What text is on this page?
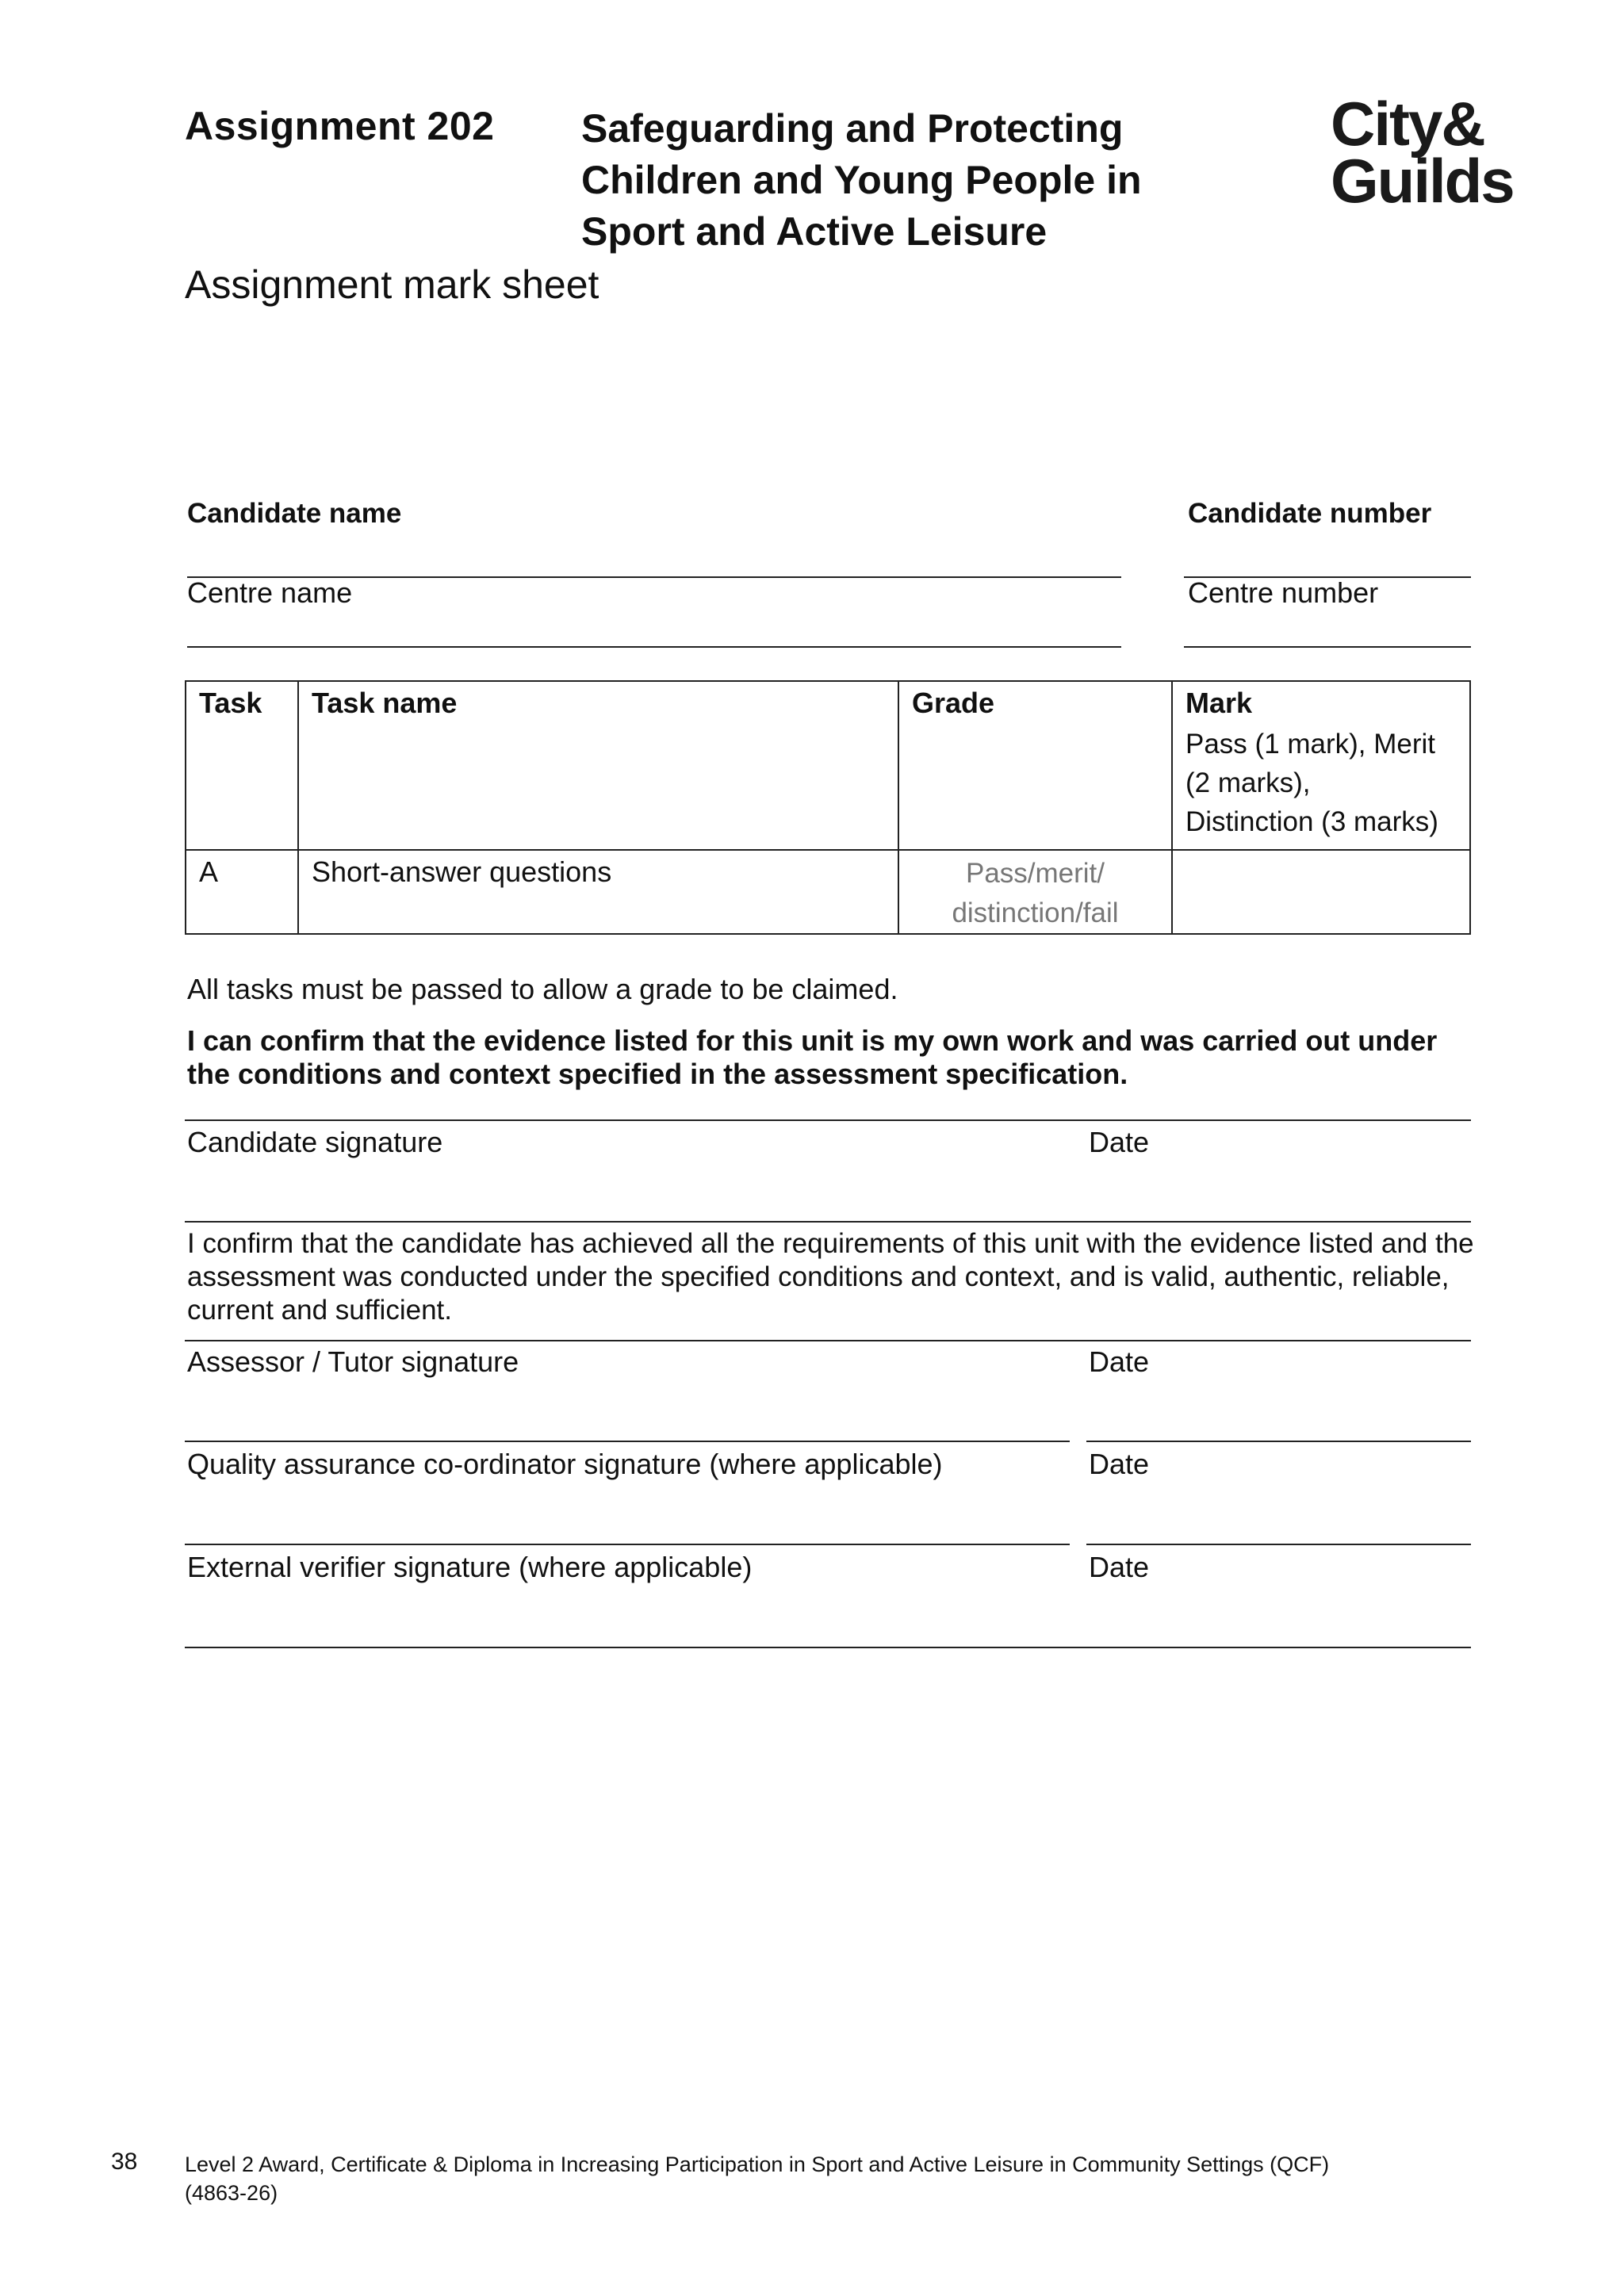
Assignment 202 Safeguarding and Protecting
Children and Young People in
Sport and Active Leisure
Assignment mark sheet
City&
Guilds
Candidate name	Candidate number
Centre name	Centre number
Task	Task name	Grade	Mark
Pass (1 mark), Merit
(2 marks),
Distinction (3 marks)

A	Short-answer questions	Pass/merit/
distinction/fail	

All tasks must be passed to allow a grade to be claimed.
I can confirm that the evidence listed for this unit is my own work and was carried out under the conditions and context specified in the assessment specification.
Candidate signature	Date
I confirm that the candidate has achieved all the requirements of this unit with the evidence listed and the assessment was conducted under the specified conditions and context, and is valid, authentic, reliable, current and sufficient.
Assessor / Tutor signature	Date
Quality assurance co-ordinator signature (where applicable)	Date
External verifier signature (where applicable)	Date
38 Level 2 Award, Certificate & Diploma in Increasing Participation in Sport and Active Leisure in Community Settings (QCF)
(4863-26)
